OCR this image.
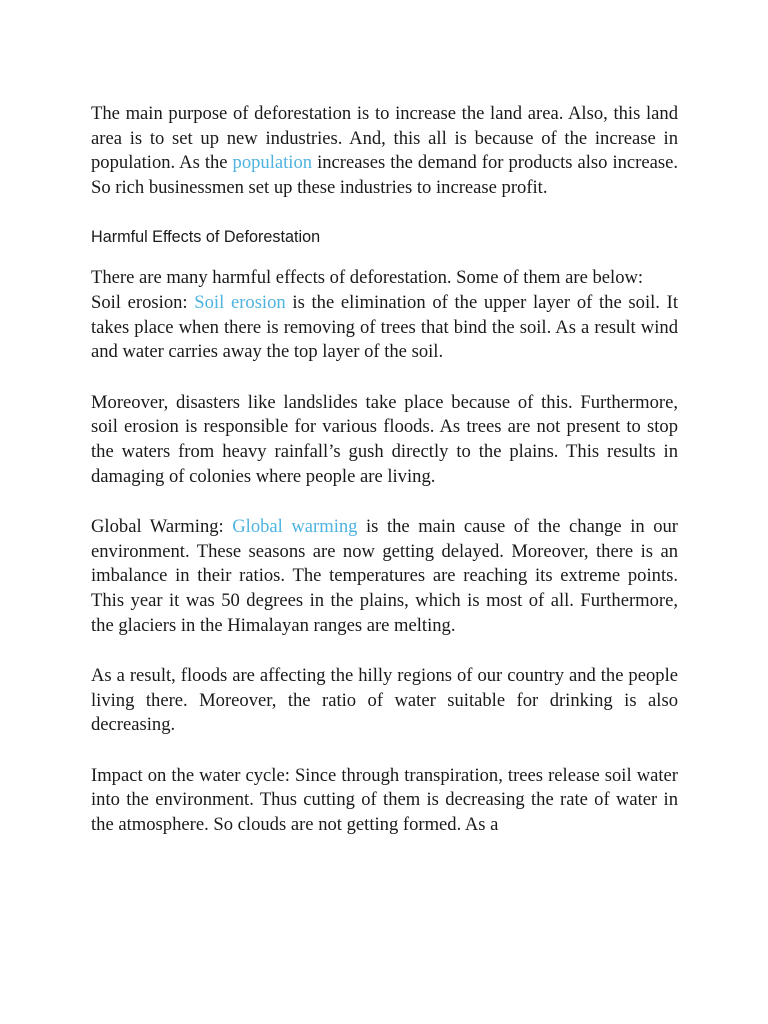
The main purpose of deforestation is to increase the land area. Also, this land area is to set up new industries. And, this all is because of the increase in population. As the population increases the demand for products also increase. So rich businessmen set up these industries to increase profit.

Harmful Effects of Deforestation

There are many harmful effects of deforestation. Some of them are below:

Soil erosion: Soil erosion is the elimination of the upper layer of the soil. It takes place when there is removing of trees that bind the soil. As a result wind and water carries away the top layer of the soil.

Moreover, disasters like landslides take place because of this. Furthermore, soil erosion is responsible for various floods. As trees are not present to stop the waters from heavy rainfall’s gush directly to the plains. This results in damaging of colonies where people are living.

Global Warming: Global warming is the main cause of the change in our environment. These seasons are now getting delayed. Moreover, there is an imbalance in their ratios. The temperatures are reaching its extreme points. This year it was 50 degrees in the plains, which is most of all. Furthermore, the glaciers in the Himalayan ranges are melting.

As a result, floods are affecting the hilly regions of our country and the people living there. Moreover, the ratio of water suitable for drinking is also decreasing.

Impact on the water cycle: Since through transpiration, trees release soil water into the environment. Thus cutting of them is decreasing the rate of water in the atmosphere. So clouds are not getting formed. As a
